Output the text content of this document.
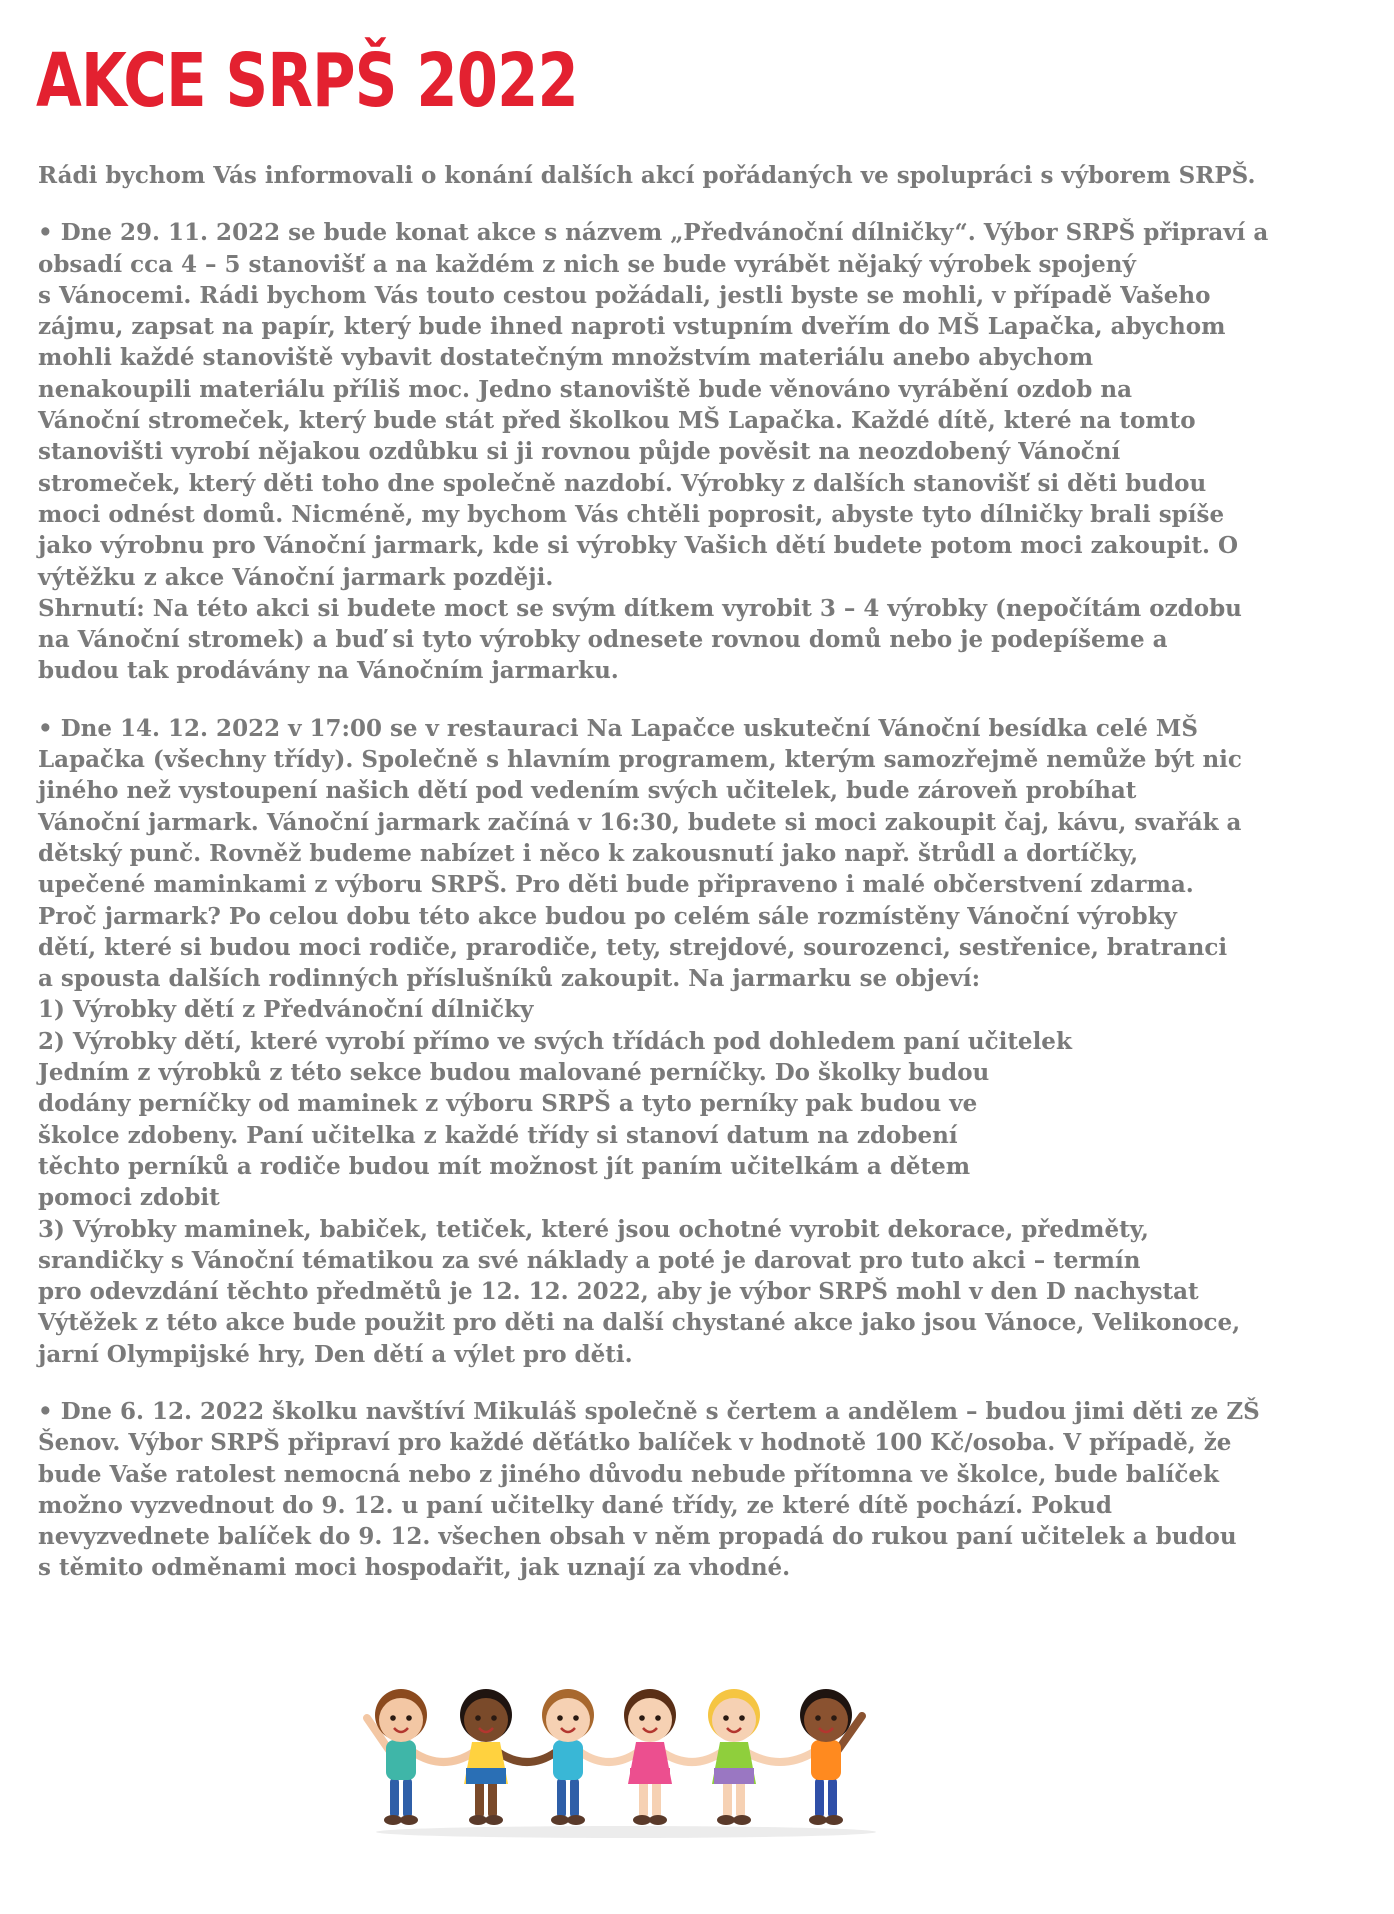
AKCE SRPŠ 2022

Rádi bychom Vás informovali o konání dalších akcí pořádaných ve spolupráci s výborem SRPŠ.

• Dne 29. 11. 2022 se bude konat akce s názvem „Předvánoční dílničky“. Výbor SRPŠ připraví a
obsadí cca 4 – 5 stanovišť a na každém z nich se bude vyrábět nějaký výrobek spojený
s Vánocemi. Rádi bychom Vás touto cestou požádali, jestli byste se mohli, v případě Vašeho
zájmu, zapsat na papír, který bude ihned naproti vstupním dveřím do MŠ Lapačka, abychom
mohli každé stanoviště vybavit dostatečným množstvím materiálu anebo abychom
nenakoupili materiálu příliš moc. Jedno stanoviště bude věnováno vyrábění ozdob na
Vánoční stromeček, který bude stát před školkou MŠ Lapačka. Každé dítě, které na tomto
stanovišti vyrobí nějakou ozdůbku si ji rovnou půjde pověsit na neozdobený Vánoční
stromeček, který děti toho dne společně nazdobí. Výrobky z dalších stanovišť si děti budou
moci odnést domů. Nicméně, my bychom Vás chtěli poprosit, abyste tyto dílničky brali spíše
jako výrobnu pro Vánoční jarmark, kde si výrobky Vašich dětí budete potom moci zakoupit. O
výtěžku z akce Vánoční jarmark později.
Shrnutí: Na této akci si budete moct se svým dítkem vyrobit 3 – 4 výrobky (nepočítám ozdobu
na Vánoční stromek) a buď si tyto výrobky odnesete rovnou domů nebo je podepíšeme a
budou tak prodávány na Vánočním jarmarku.

• Dne 14. 12. 2022 v 17:00 se v restauraci Na Lapačce uskuteční Vánoční besídka celé MŠ
Lapačka (všechny třídy). Společně s hlavním programem, kterým samozřejmě nemůže být nic
jiného než vystoupení našich dětí pod vedením svých učitelek, bude zároveň probíhat
Vánoční jarmark. Vánoční jarmark začíná v 16:30, budete si moci zakoupit čaj, kávu, svařák a
dětský punč. Rovněž budeme nabízet i něco k zakousnutí jako např. štrůdl a dortíčky,
upečené maminkami z výboru SRPŠ. Pro děti bude připraveno i malé občerstvení zdarma.
Proč jarmark? Po celou dobu této akce budou po celém sále rozmístěny Vánoční výrobky
dětí, které si budou moci rodiče, prarodiče, tety, strejdové, sourozenci, sestřenice, bratranci
a spousta dalších rodinných příslušníků zakoupit. Na jarmarku se objeví:
1) Výrobky dětí z Předvánoční dílničky
2) Výrobky dětí, které vyrobí přímo ve svých třídách pod dohledem paní učitelek
Jedním z výrobků z této sekce budou malované perníčky. Do školky budou
dodány perníčky od maminek z výboru SRPŠ a tyto perníky pak budou ve
školce zdobeny. Paní učitelka z každé třídy si stanoví datum na zdobení
těchto perníků a rodiče budou mít možnost jít paním učitelkám a dětem
pomoci zdobit
3) Výrobky maminek, babiček, tetiček, které jsou ochotné vyrobit dekorace, předměty,
srandičky s Vánoční tématikou za své náklady a poté je darovat pro tuto akci – termín
pro odevzdání těchto předmětů je 12. 12. 2022, aby je výbor SRPŠ mohl v den D nachystat
Výtěžek z této akce bude použit pro děti na další chystané akce jako jsou Vánoce, Velikonoce,
jarní Olympijské hry, Den dětí a výlet pro děti.

• Dne 6. 12. 2022 školku navštíví Mikuláš společně s čertem a andělem – budou jimi děti ze ZŠ
Šenov. Výbor SRPŠ připraví pro každé děťátko balíček v hodnotě 100 Kč/osoba. V případě, že
bude Vaše ratolest nemocná nebo z jiného důvodu nebude přítomna ve školce, bude balíček
možno vyzvednout do 9. 12. u paní učitelky dané třídy, ze které dítě pochází. Pokud
nevyzvednete balíček do 9. 12. všechen obsah v něm propadá do rukou paní učitelek a budou
s těmito odměnami moci hospodařit, jak uznají za vhodné.
